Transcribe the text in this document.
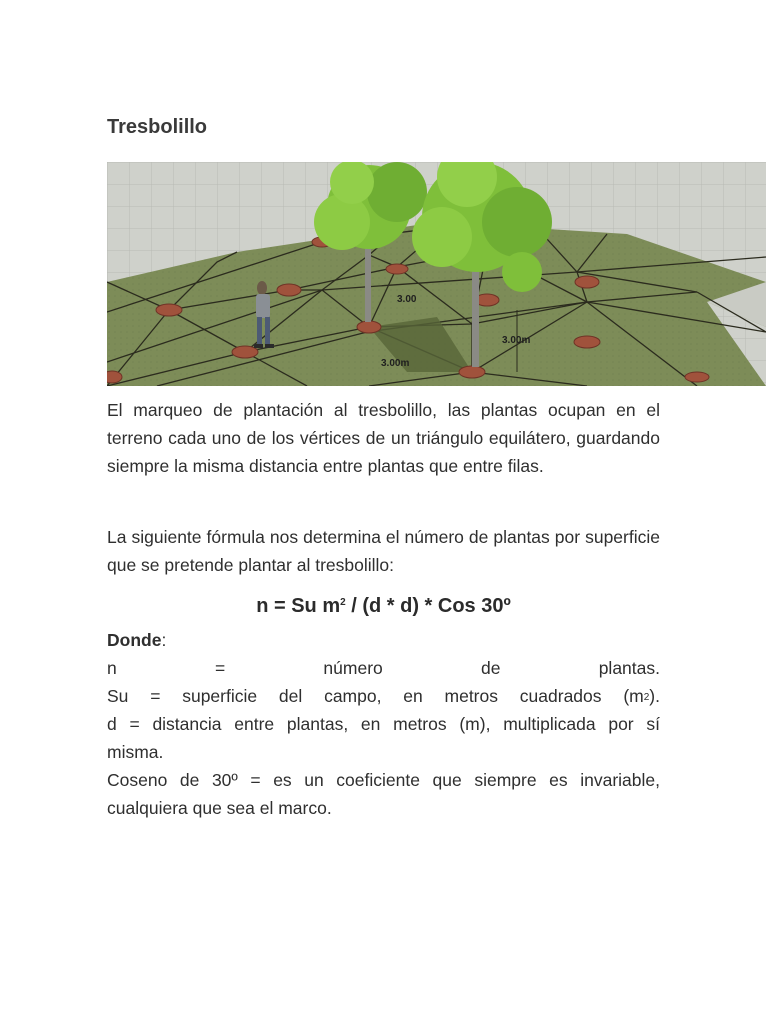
Tresbolillo
3.00
3.00m
3.00m

El marqueo de plantación al tresbolillo, las plantas ocupan en el terreno cada uno de los vértices de un triángulo equilátero, guardando siempre la misma distancia entre plantas que entre filas.

La siguiente fórmula nos determina el número de plantas por superficie que se pretende plantar al tresbolillo:

n = Su $m^2 / (d * d)$ * Cos 30º
Donde:
n = número de plantas.
Su = superficie del campo, en metros cuadrados $(m^2)$.
d = distancia entre plantas, en metros (m), multiplicada por sí
misma.
Coseno de 30º = es un coeficiente que siempre es invariable,
cualquiera que sea el marco.
